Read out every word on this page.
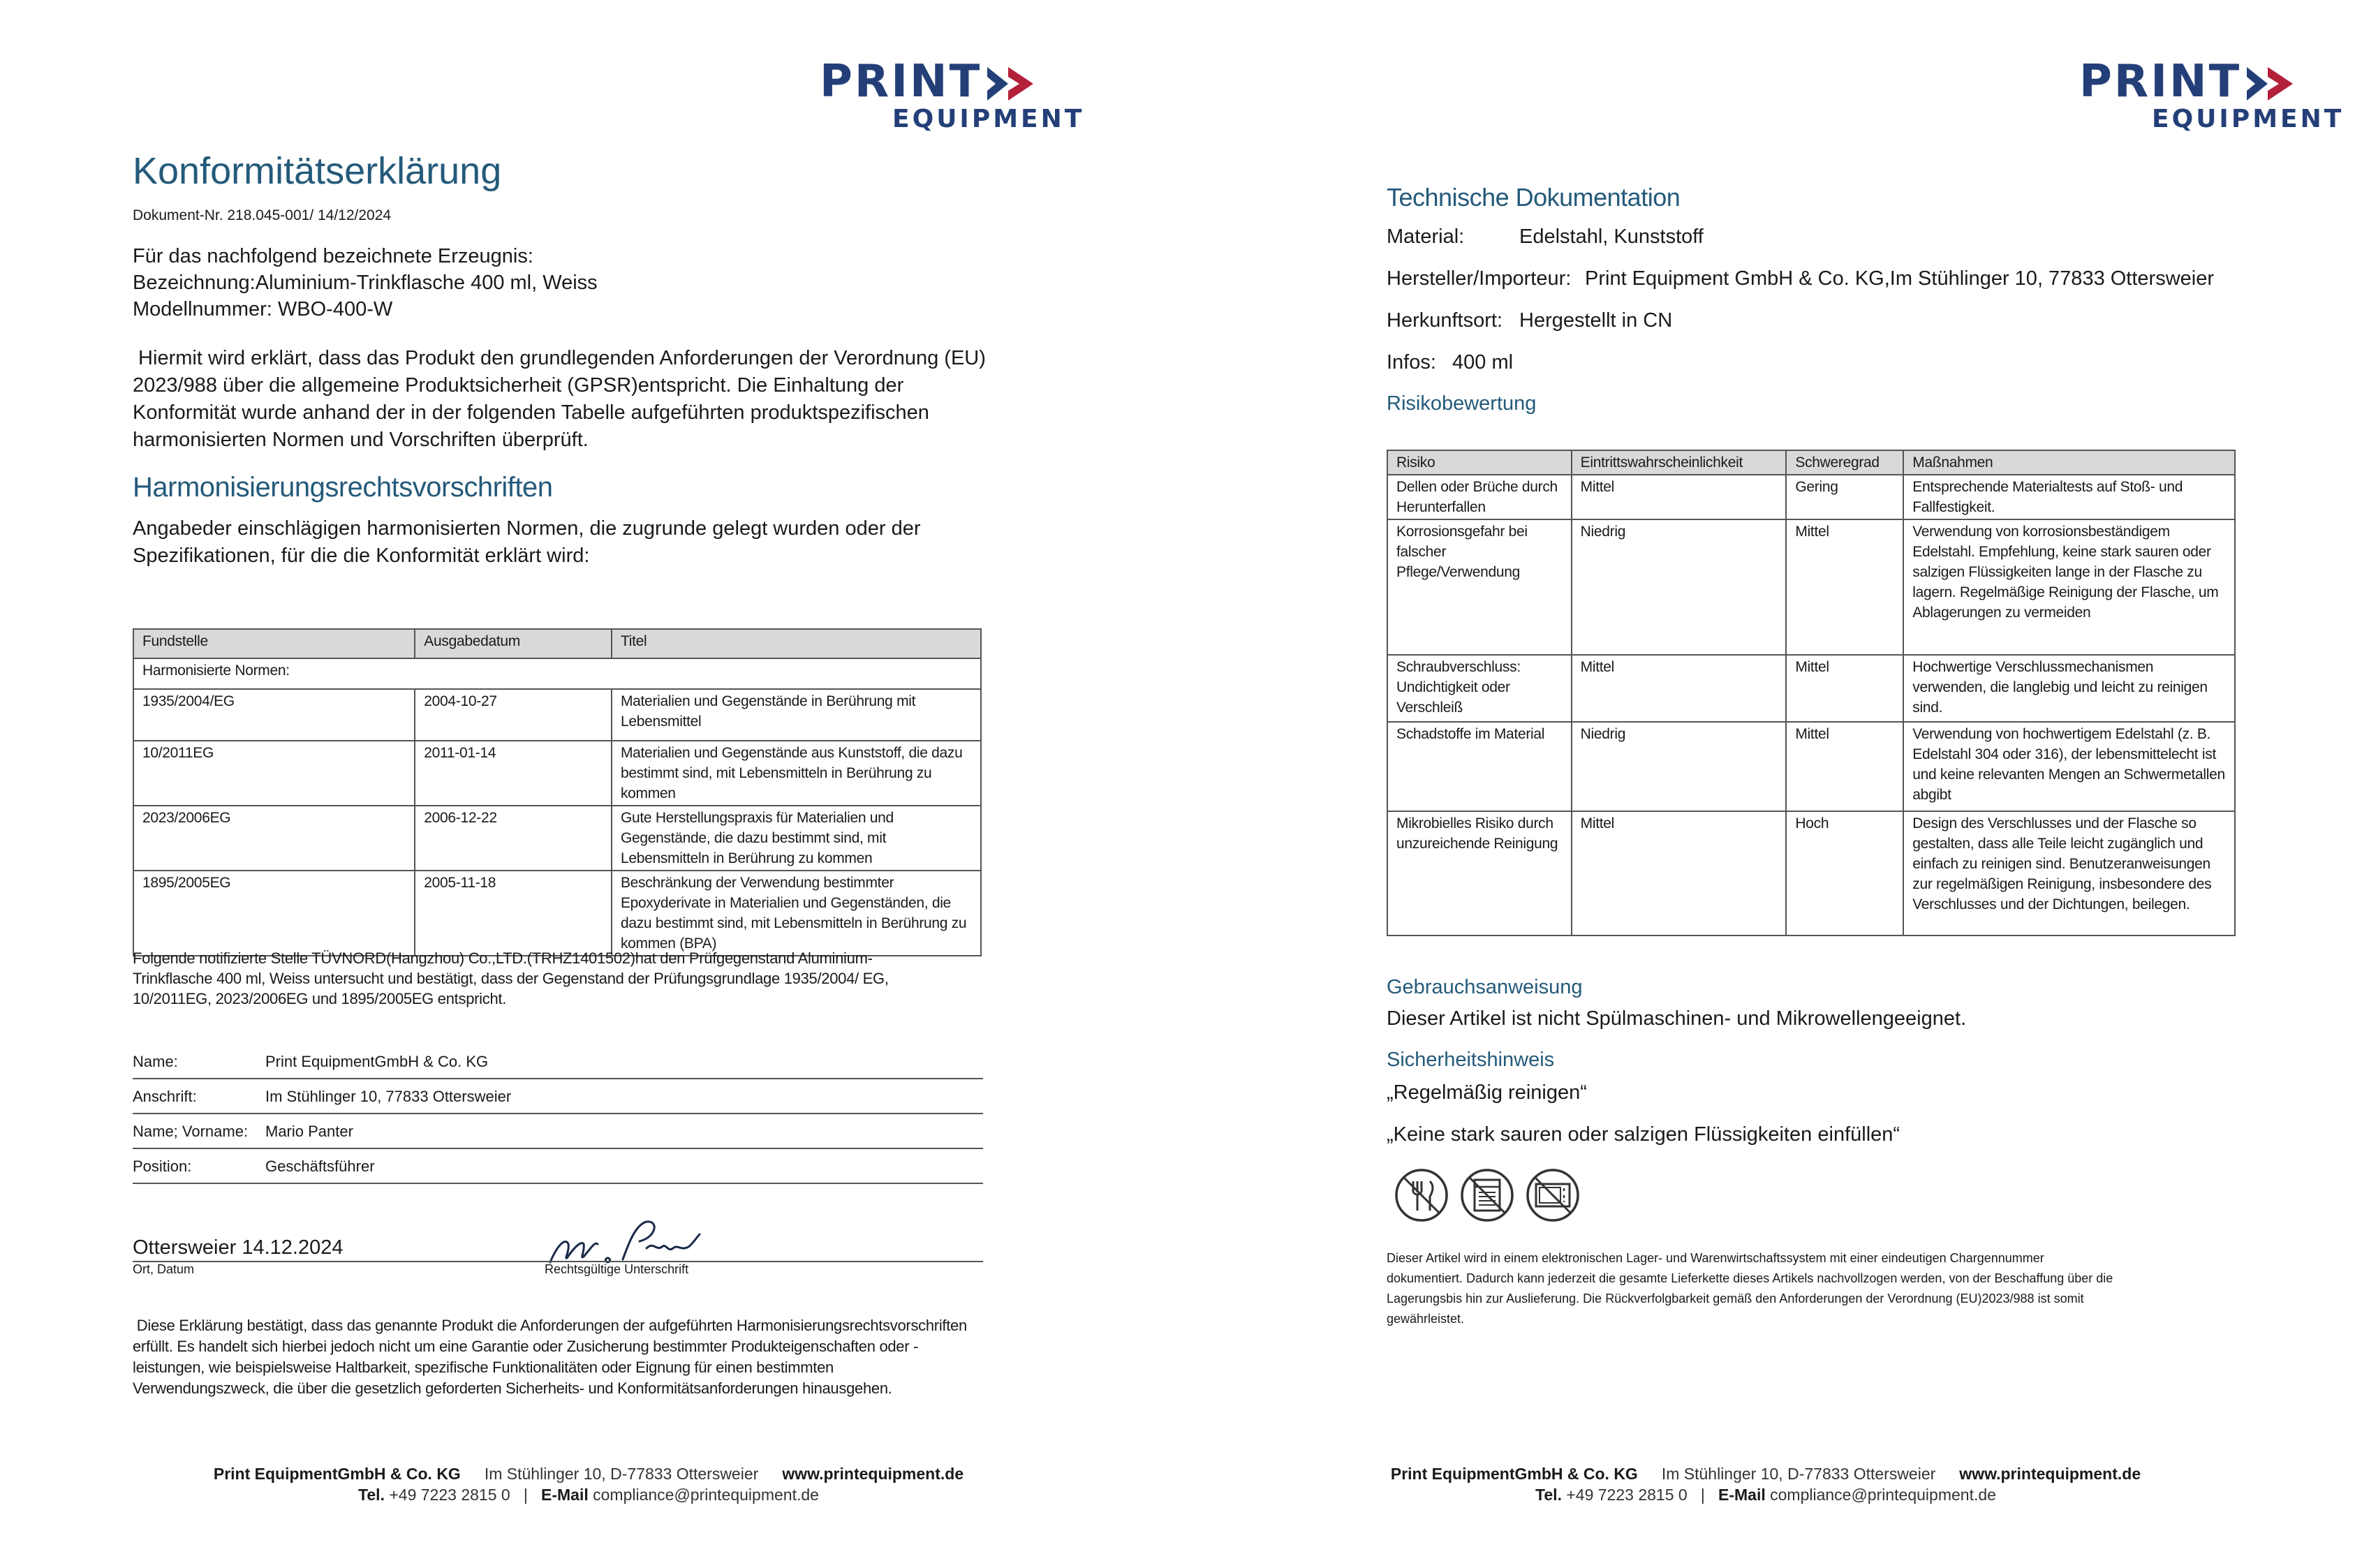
PRINT
EQUIPMENT
Konformitätserklärung
Dokument-Nr. 218.045-001/ 14/12/2024
Für das nachfolgend bezeichnete Erzeugnis:
Bezeichnung:Aluminium-Trinkflasche 400 ml, Weiss
Modellnummer: WBO-400-W
Hiermit wird erklärt, dass das Produkt den grundlegenden Anforderungen der Verordnung (EU)
2023/988 über die allgemeine Produktsicherheit (GPSR)entspricht. Die Einhaltung der
Konformität wurde anhand der in der folgenden Tabelle aufgeführten produktspezifischen
harmonisierten Normen und Vorschriften überprüft.
Harmonisierungsrechtsvorschriften
Angabeder einschlägigen harmonisierten Normen, die zugrunde gelegt wurden oder der
Spezifikationen, für die die Konformität erklärt wird:
Fundstelle	Ausgabedatum	Titel
Harmonisierte Normen:		
1935/2004/EG	2004-10-27	Materialien und Gegenstände in Berührung mit Lebensmittel
10/2011EG	2011-01-14	Materialien und Gegenstände aus Kunststoff, die dazu bestimmt sind, mit Lebensmitteln in Berührung zu kommen
2023/2006EG	2006-12-22	Gute Herstellungspraxis für Materialien und Gegenstände, die dazu bestimmt sind, mit Lebensmitteln in Berührung zu kommen
1895/2005EG	2005-11-18	Beschränkung der Verwendung bestimmter Epoxyderivate in Materialien und Gegenständen, die dazu bestimmt sind, mit Lebensmitteln in Berührung zu kommen (BPA)
Folgende notifizierte Stelle TÜVNORD(Hangzhou) Co.,LTD.(TRHZ1401502)hat den Prüfgegenstand Aluminium-
Trinkflasche 400 ml, Weiss untersucht und bestätigt, dass der Gegenstand der Prüfungsgrundlage 1935/2004/ EG,
10/2011EG, 2023/2006EG und 1895/2005EG entspricht.
Name:	Print EquipmentGmbH & Co. KG
Anschrift:	Im Stühlinger 10, 77833 Ottersweier
Name; Vorname: Mario Panter
Position:	Geschäftsführer
Ottersweier 14.12.2024
Ort, Datum	Rechtsgültige Unterschrift
Diese Erklärung bestätigt, dass das genannte Produkt die Anforderungen der aufgeführten Harmonisierungsrechtsvorschriften
erfüllt. Es handelt sich hierbei jedoch nicht um eine Garantie oder Zusicherung bestimmter Produkteigenschaften oder -
leistungen, wie beispielsweise Haltbarkeit, spezifische Funktionalitäten oder Eignung für einen bestimmten
Verwendungszweck, die über die gesetzlich geforderten Sicherheits- und Konformitätsanforderungen hinausgehen.
Print EquipmentGmbH & Co. KG Im Stühlinger 10, D-77833 Ottersweier www.printequipment.de
Tel. +49 7223 2815 0 | E-Mail compliance@printequipment.de
PRINT
EQUIPMENT
Technische Dokumentation
Material:	Edelstahl, Kunststoff
Hersteller/Importeur: Print Equipment GmbH & Co. KG,Im Stühlinger 10, 77833 Ottersweier
Herkunftsort: Hergestellt in CN
Infos: 400 ml
Risikobewertung
Risiko	Eintrittswahrscheinlichkeit	Schweregrad	Maßnahmen
Dellen oder Brüche durch Herunterfallen	Mittel	Gering	Entsprechende Materialtests auf Stoß- und Fallfestigkeit.
Korrosionsgefahr bei falscher Pflege/Verwendung	Niedrig	Mittel	Verwendung von korrosionsbeständigem Edelstahl. Empfehlung, keine stark sauren oder salzigen Flüssigkeiten lange in der Flasche zu lagern. Regelmäßige Reinigung der Flasche, um Ablagerungen zu vermeiden
Schraubverschluss: Undichtigkeit oder Verschleiß	Mittel	Mittel	Hochwertige Verschlussmechanismen verwenden, die langlebig und leicht zu reinigen sind.
Schadstoffe im Material	Niedrig	Mittel	Verwendung von hochwertigem Edelstahl (z. B. Edelstahl 304 oder 316), der lebensmittelecht ist und keine relevanten Mengen an Schwermetallen abgibt
Mikrobielles Risiko durch unzureichende Reinigung	Mittel	Hoch	Design des Verschlusses und der Flasche so gestalten, dass alle Teile leicht zugänglich und einfach zu reinigen sind. Benutzeranweisungen zur regelmäßigen Reinigung, insbesondere des Verschlusses und der Dichtungen, beilegen.
Gebrauchsanweisung
Dieser Artikel ist nicht Spülmaschinen- und Mikrowellengeeignet.
Sicherheitshinweis
„Regelmäßig reinigen“
„Keine stark sauren oder salzigen Flüssigkeiten einfüllen“
Dieser Artikel wird in einem elektronischen Lager- und Warenwirtschaftssystem mit einer eindeutigen Chargennummer
dokumentiert. Dadurch kann jederzeit die gesamte Lieferkette dieses Artikels nachvollzogen werden, von der Beschaffung über die
Lagerungsbis hin zur Auslieferung. Die Rückverfolgbarkeit gemäß den Anforderungen der Verordnung (EU)2023/988 ist somit
gewährleistet.
Print EquipmentGmbH & Co. KG Im Stühlinger 10, D-77833 Ottersweier www.printequipment.de
Tel. +49 7223 2815 0 | E-Mail compliance@printequipment.de
